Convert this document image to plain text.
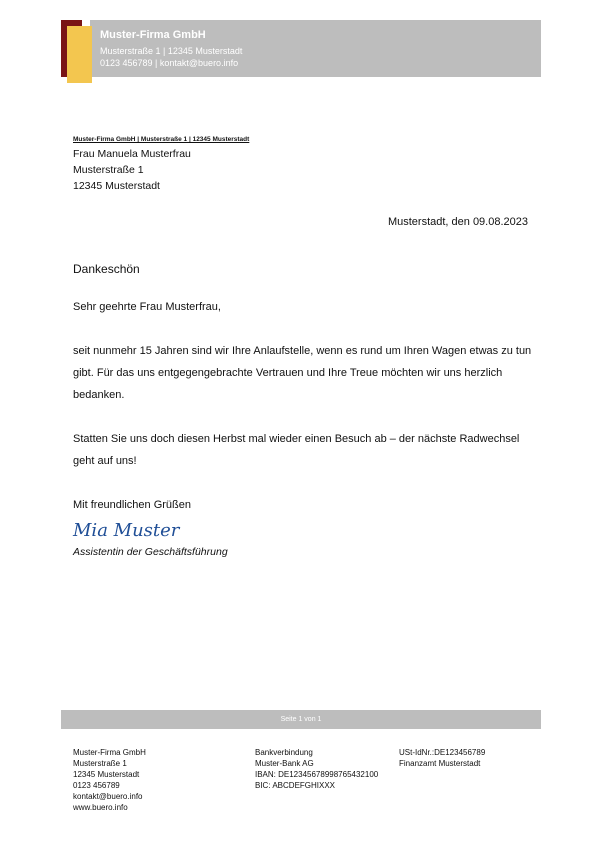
Muster-Firma GmbH
Musterstraße 1 | 12345 Musterstadt
0123 456789 | kontakt@buero.info
Muster-Firma GmbH | Musterstraße 1 | 12345 Musterstadt
Frau Manuela Musterfrau
Musterstraße 1
12345 Musterstadt
Musterstadt, den 09.08.2023
Dankeschön
Sehr geehrte Frau Musterfrau,
seit nunmehr 15 Jahren sind wir Ihre Anlaufstelle, wenn es rund um Ihren Wagen etwas zu tun gibt. Für das uns entgegengebrachte Vertrauen und Ihre Treue möchten wir uns herzlich bedanken.
Statten Sie uns doch diesen Herbst mal wieder einen Besuch ab – der nächste Radwechsel geht auf uns!
Mit freundlichen Grüßen
Mia Muster
Assistentin der Geschäftsführung
Seite 1 von 1
Muster-Firma GmbH
Musterstraße 1
12345 Musterstadt
0123 456789
kontakt@buero.info
www.buero.info
Bankverbindung
Muster-Bank AG
IBAN: DE12345678998765432100
BIC: ABCDEFGHIXXX
USt-IdNr.:DE123456789
Finanzamt Musterstadt
